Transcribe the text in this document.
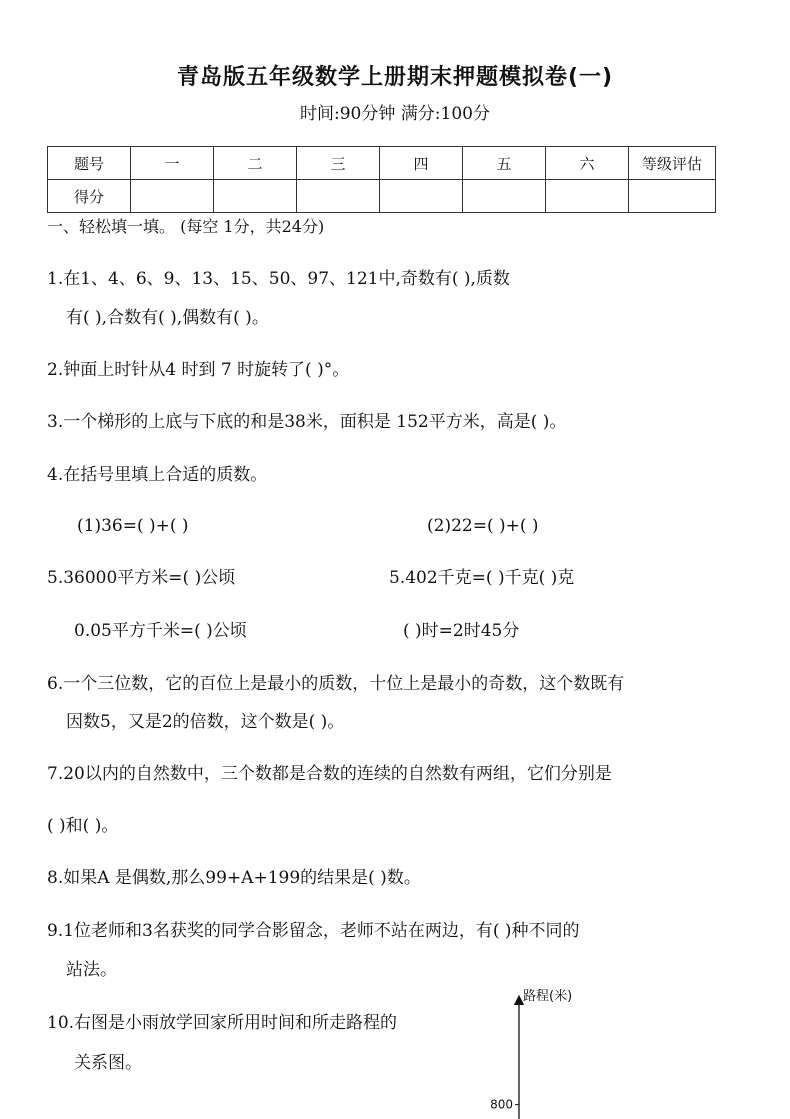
青岛版五年级数学上册期末押题模拟卷(一)
时间:90分钟 满分:100分
题号	一	二	三	四	五	六	等级评估
得分							
一、轻松填一填。 (每空 1分，共24分)
1.在1、4、6、9、13、15、50、97、121中,奇数有( ),质数
有( ),合数有( ),偶数有( )。
2.钟面上时针从4 时到 7 时旋转了( )°。
3.一个梯形的上底与下底的和是38米，面积是 152平方米，高是( )。
4.在括号里填上合适的质数。
(1)36=( )+( )	(2)22=( )+( )
5.36000平方米=( )公顷	5.402千克=( )千克( )克
0.05平方千米=( )公顷	( )时=2时45分
6.一个三位数，它的百位上是最小的质数，十位上是最小的奇数，这个数既有
因数5，又是2的倍数，这个数是( )。
7.20以内的自然数中，三个数都是合数的连续的自然数有两组，它们分别是
( )和( )。
8.如果A 是偶数,那么99+A+199的结果是( )数。
9.1位老师和3名获奖的同学合影留念，老师不站在两边，有( )种不同的
站法。
10.右图是小雨放学回家所用时间和所走路程的
关系图。
路程(米)
800
